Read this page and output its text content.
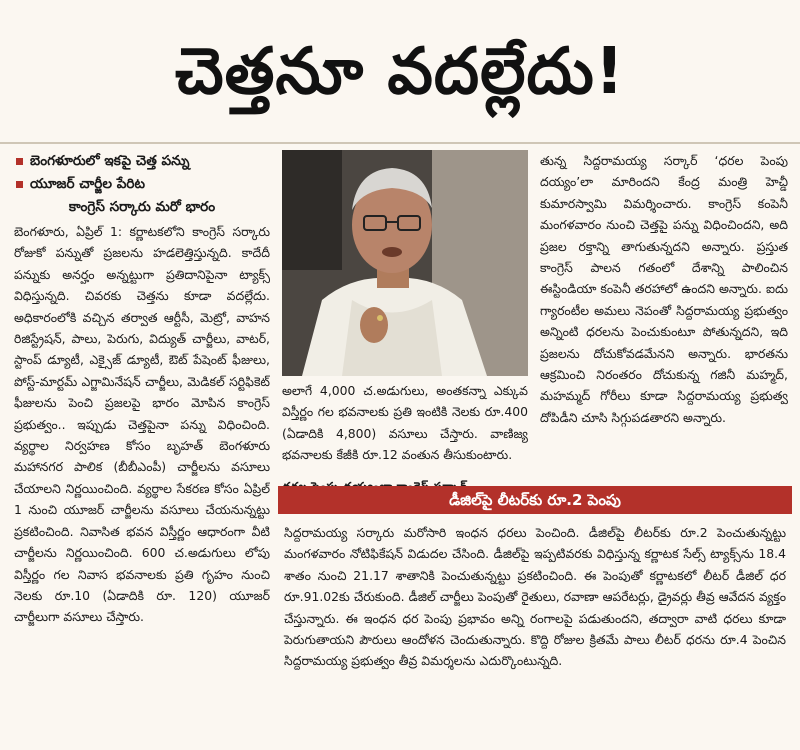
చెత్తనూ వదల్లేదు!
బెంగళూరులో ఇకపై చెత్త పన్ను
యూజర్ చార్జీల పేరిట
కాంగ్రెస్ సర్కారు మరో భారం

బెంగళూరు, ఏప్రిల్ 1: కర్ణాటకలోని కాంగ్రెస్ సర్కారు రోజుకో పన్నుతో ప్రజలను హడలెత్తిస్తున్నది. కాదేదీ పన్నుకు అనర్హం అన్నట్టుగా ప్రతిదానిపైనా ట్యాక్స్ విధిస్తున్నది. చివరకు చెత్తను కూడా వదల్లేదు. అధికారంలోకి వచ్చిన తర్వాత ఆర్టీసీ, మెట్రో, వాహన రిజిస్ట్రేషన్, పాలు, పెరుగు, విద్యుత్ చార్జీలు, వాటర్, స్టాంప్ డ్యూటీ, ఎక్సైజ్ డ్యూటీ, ఔట్ పేషెంట్ ఫీజులు, పోస్ట్-మార్టమ్ ఎగ్జామినేషన్ చార్జీలు, మెడికల్ సర్టిఫికెట్ ఫీజులను పెంచి ప్రజలపై భారం మోపిన కాంగ్రెస్ ప్రభుత్వం.. ఇప్పుడు చెత్తపైనా పన్ను విధించింది. వ్యర్థాల నిర్వహణ కోసం బృహత్ బెంగళూరు మహానగర పాలిక (బీబీఎంపీ) చార్జీలను వసూలు చేయాలని నిర్ణయించింది. వ్యర్థాల సేకరణ కోసం ఏప్రిల్ 1 నుంచి యూజర్ చార్జీలను వసూలు చేయనున్నట్టు ప్రకటించింది. నివాసిత భవన విస్తీర్ణం ఆధారంగా వీటి చార్జీలను నిర్ణయించింది. 600 చ.అడుగులు లోపు విస్తీర్ణం గల నివాస భవనాలకు ప్రతి గృహం నుంచి నెలకు రూ.10 (ఏడాదికి రూ. 120) యూజర్ చార్జీలుగా వసూలు చేస్తారు.

అలాగే 4,000 చ.అడుగులు, అంతకన్నా ఎక్కువ విస్తీర్ణం గల భవనాలకు ప్రతి ఇంటికి నెలకు రూ.400 (ఏడాదికి 4,800) వసూలు చేస్తారు. వాణిజ్య భవనాలకు కేజీకి రూ.12 వంతున తీసుకుంటారు.

తున్న సిద్దరామయ్య సర్కార్ ‘ధరల పెంపు దయ్యం’లా మారిందని కేంద్ర మంత్రి హెచ్డీ కుమారస్వామి విమర్శించారు. కాంగ్రెస్ కంపెనీ మంగళవారం నుంచి చెత్తపై పన్ను విధించిందని, అది ప్రజల రక్తాన్ని తాగుతున్నదని అన్నారు. ప్రస్తుత కాంగ్రెస్ పాలన గతంలో దేశాన్ని పాలించిన ఈస్టిండియా కంపెనీ తరహాలో ఉందని అన్నారు. ఐదు గ్యారంటీల అమలు నెపంతో సిద్దరామయ్య ప్రభుత్వం అన్నింటి ధరలను పెంచుకుంటూ పోతున్నదని, ఇది ప్రజలను దోచుకోవడమేనని అన్నారు. భారతను ఆక్రమించి నిరంతరం దోచుకున్న గజినీ మహ్మద్, మహమ్మద్ గోరీలు కూడా సిద్దరామయ్య ప్రభుత్వ దోపిడీని చూసి సిగ్గుపడతారని అన్నారు.

డీజిల్‌పై లీటర్‌కు రూ.2 పెంపు
సిద్దరామయ్య సర్కారు మరోసారి ఇంధన ధరలు పెంచింది. డీజిల్‌పై లీటర్‌కు రూ.2 పెంచుతున్నట్టు మంగళవారం నోటిఫికేషన్ విడుదల చేసింది. డీజిల్‌పై ఇప్పటివరకు విధిస్తున్న కర్ణాటక సేల్స్ ట్యాక్స్‌ను 18.4 శాతం నుంచి 21.17 శాతానికి పెంచుతున్నట్టు ప్రకటించింది. ఈ పెంపుతో కర్ణాటకలో లీటర్ డీజిల్ ధర రూ.91.02కు చేరుకుంది. డీజిల్ చార్జీలు పెంపుతో రైతులు, రవాణా ఆపరేటర్లు, డ్రైవర్లు తీవ్ర ఆవేదన వ్యక్తం చేస్తున్నారు. ఈ ఇంధన ధర పెంపు ప్రభావం అన్ని రంగాలపై పడుతుందని, తద్వారా వాటి ధరలు కూడా పెరుగుతాయని పౌరులు ఆందోళన చెందుతున్నారు. కొద్ది రోజుల క్రితమే పాలు లీటర్ ధరను రూ.4 పెంచిన సిద్దరామయ్య ప్రభుత్వం తీవ్ర విమర్శలను ఎదుర్కొంటున్నది.
